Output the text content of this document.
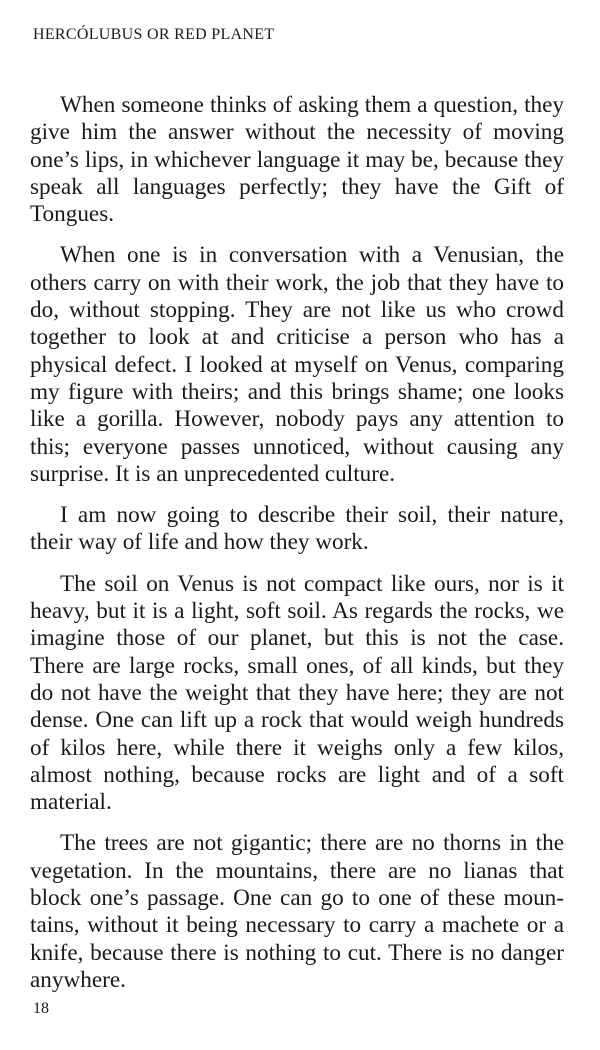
HERCÓLUBUS OR RED PLANET

When someone thinks of asking them a question, they give him the answer without the necessity of moving one’s lips, in whichever language it may be, because they speak all languages perfectly; they have the Gift of Tongues.

When one is in conversation with a Venusian, the others carry on with their work, the job that they have to do, without stopping. They are not like us who crowd together to look at and criticise a person who has a physical defect. I looked at myself on Venus, comparing my figure with theirs; and this brings shame; one looks like a gorilla. However, nobody pays any attention to this; everyone passes unnoticed, without causing any surprise. It is an unprecedented culture.

I am now going to describe their soil, their nature, their way of life and how they work.

The soil on Venus is not compact like ours, nor is it heavy, but it is a light, soft soil. As regards the rocks, we imagine those of our planet, but this is not the case. There are large rocks, small ones, of all kinds, but they do not have the weight that they have here; they are not dense. One can lift up a rock that would weigh hundreds of kilos here, while there it weighs only a few kilos, almost nothing, because rocks are light and of a soft material.

The trees are not gigantic; there are no thorns in the vegetation. In the mountains, there are no lianas that block one’s passage. One can go to one of these mountains, without it being necessary to carry a machete or a knife, because there is nothing to cut. There is no danger anywhere.

18
